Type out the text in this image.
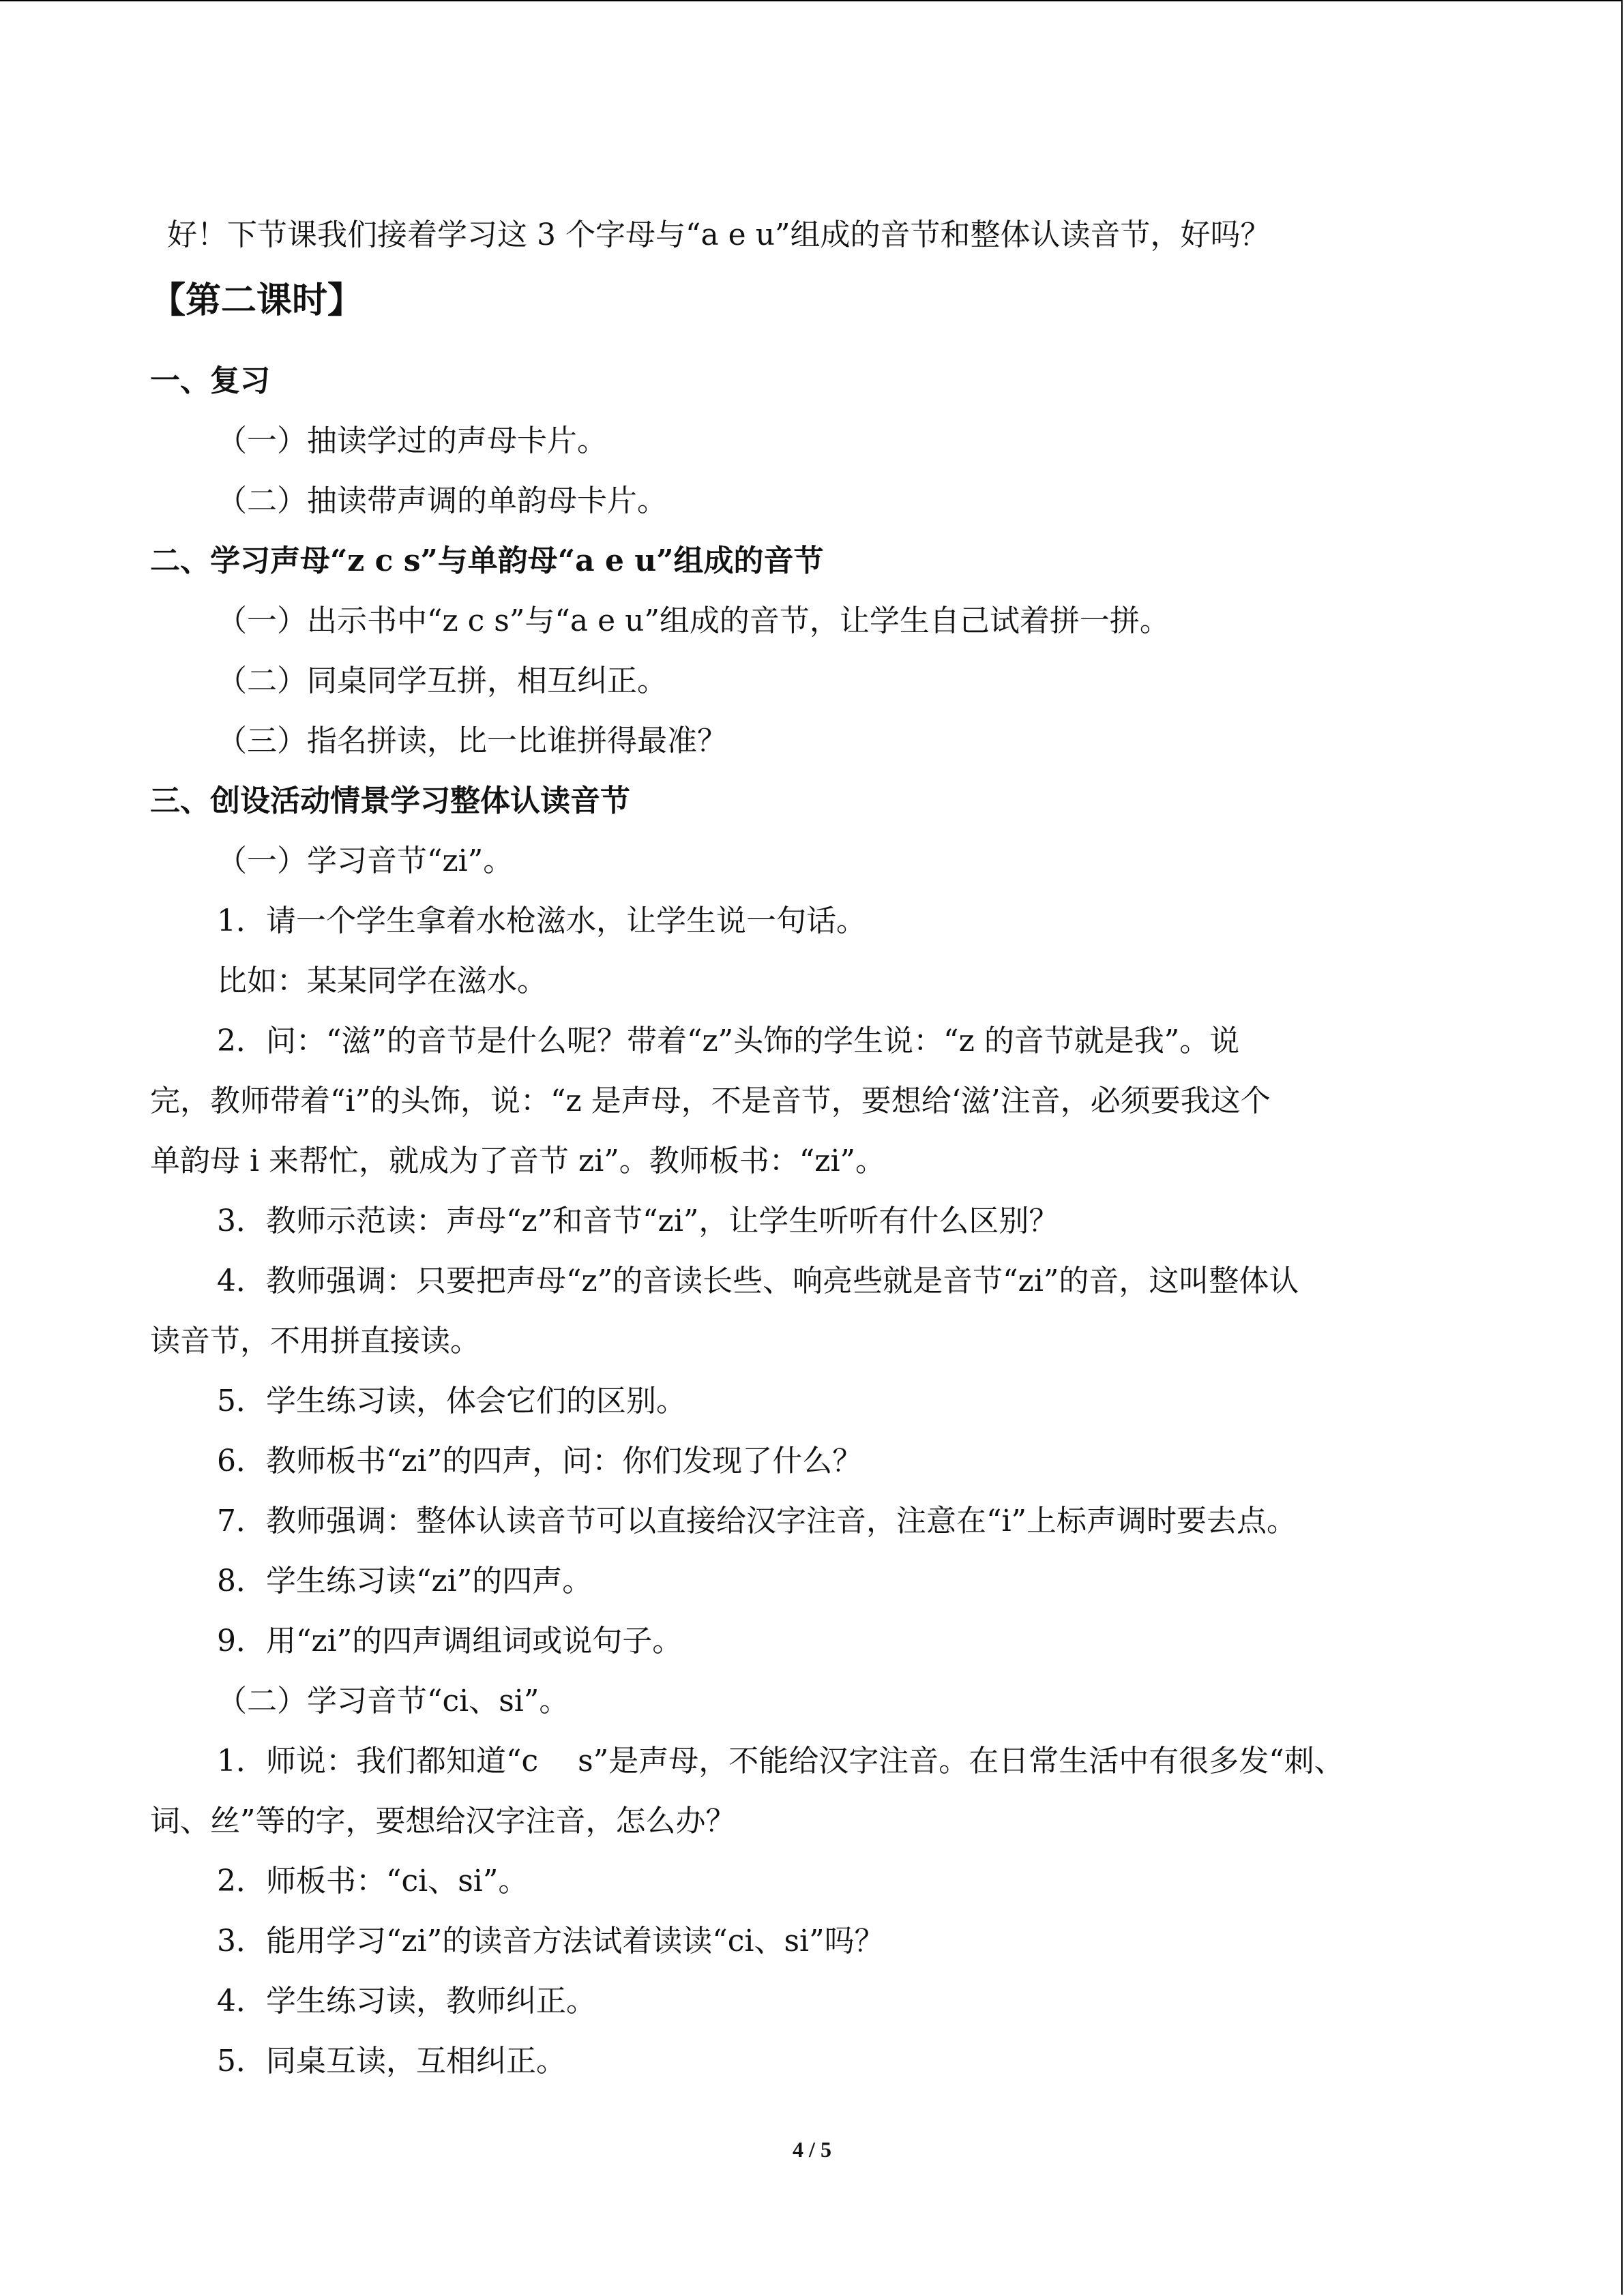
好！下节课我们接着学习这 3 个字母与“a e u”组成的音节和整体认读音节，好吗？
【第二课时】
一、复习
（一）抽读学过的声母卡片。
（二）抽读带声调的单韵母卡片。
二、学习声母“z c s”与单韵母“a e u”组成的音节
（一）出示书中“z c s”与“a e u”组成的音节，让学生自己试着拼一拼。
（二）同桌同学互拼，相互纠正。
（三）指名拼读，比一比谁拼得最准？
三、创设活动情景学习整体认读音节
（一）学习音节“zi”。
1．请一个学生拿着水枪滋水，让学生说一句话。
比如：某某同学在滋水。
2．问：“滋”的音节是什么呢？带着“z”头饰的学生说：“z 的音节就是我”。说
完，教师带着“i”的头饰，说：“z 是声母，不是音节，要想给‘滋’注音，必须要我这个
单韵母 i 来帮忙，就成为了音节 zi”。教师板书：“zi”。
3．教师示范读：声母“z”和音节“zi”，让学生听听有什么区别？
4．教师强调：只要把声母“z”的音读长些、响亮些就是音节“zi”的音，这叫整体认
读音节，不用拼直接读。
5．学生练习读，体会它们的区别。
6．教师板书“zi”的四声，问：你们发现了什么？
7．教师强调：整体认读音节可以直接给汉字注音，注意在“i”上标声调时要去点。
8．学生练习读“zi”的四声。
9．用“zi”的四声调组词或说句子。
（二）学习音节“ci、si”。
1．师说：我们都知道“c　 s”是声母，不能给汉字注音。在日常生活中有很多发“刺、
词、丝”等的字，要想给汉字注音，怎么办？
2．师板书：“ci、si”。
3．能用学习“zi”的读音方法试着读读“ci、si”吗？
4．学生练习读，教师纠正。
5．同桌互读，互相纠正。
4 / 5
